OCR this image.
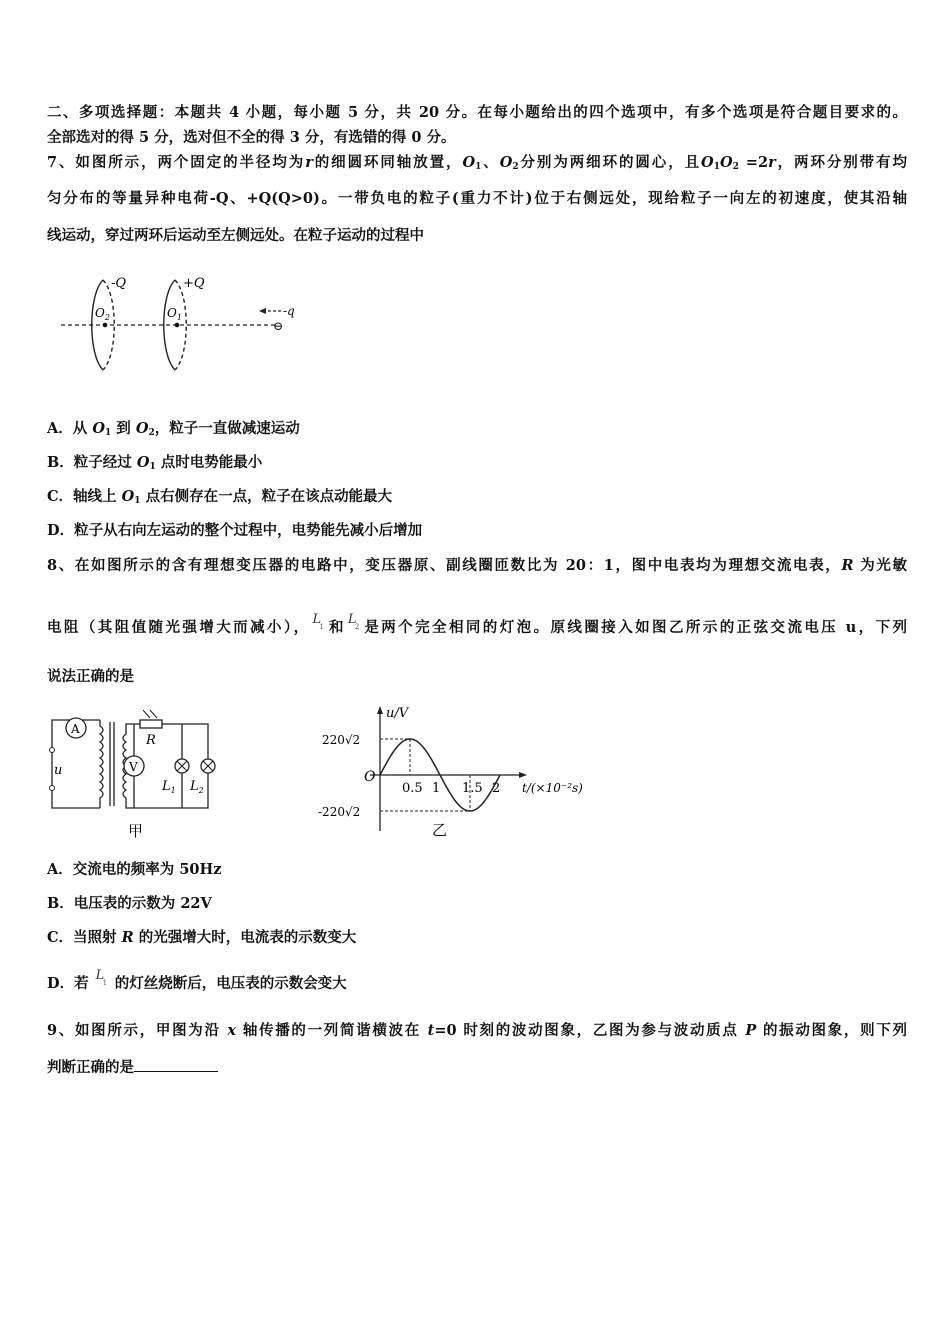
二、多项选择题：本题共 4 小题，每小题 5 分，共 20 分。在每小题给出的四个选项中，有多个选项是符合题目要求的。
全部选对的得 5 分，选对但不全的得 3 分，有选错的得 0 分。
7、如图所示，两个固定的半径均为r的细圆环同轴放置，$O_1$、$O_2$分别为两细环的圆心，且$O_1O_2 =2r$，两环分别带有均
匀分布的等量异种电荷-Q、+Q(Q>0)。一带负电的粒子(重力不计)位于右侧远处，现给粒子一向左的初速度，使其沿轴
线运动，穿过两环后运动至左侧远处。在粒子运动的过程中
-Q	+Q
$O_2$	$O_1$	-q
⊖
A．从 $O_1$ 到 $O_2$，粒子一直做减速运动
B．粒子经过 $O_1$ 点时电势能最小
C．轴线上 $O_1$ 点右侧存在一点，粒子在该点动能最大
D．粒子从右向左运动的整个过程中，电势能先减小后增加
8、在如图所示的含有理想变压器的电路中，变压器原、副线圈匝数比为 20：1，图中电表均为理想交流电表，R 为光敏
电阻（其阻值随光强增大而减小）， L
1 和 L
2 是两个完全相同的灯泡。原线圈接入如图乙所示的正弦交流电压 u，下列
说法正确的是
A
u
R
V
$L_1$ $L_2$
甲
0.5 1 1.5 2
220√2
-220√2
O
u/V
t/(×10⁻²s)
乙
A．交流电的频率为 50Hz
B．电压表的示数为 22V
C．当照射 R 的光强增大时，电流表的示数变大
D．若 L
1 的灯丝烧断后，电压表的示数会变大
9、如图所示，甲图为沿 x 轴传播的一列简谐横波在 t=0 时刻的波动图象，乙图为参与波动质点 P 的振动图象，则下列
判断正确的是
